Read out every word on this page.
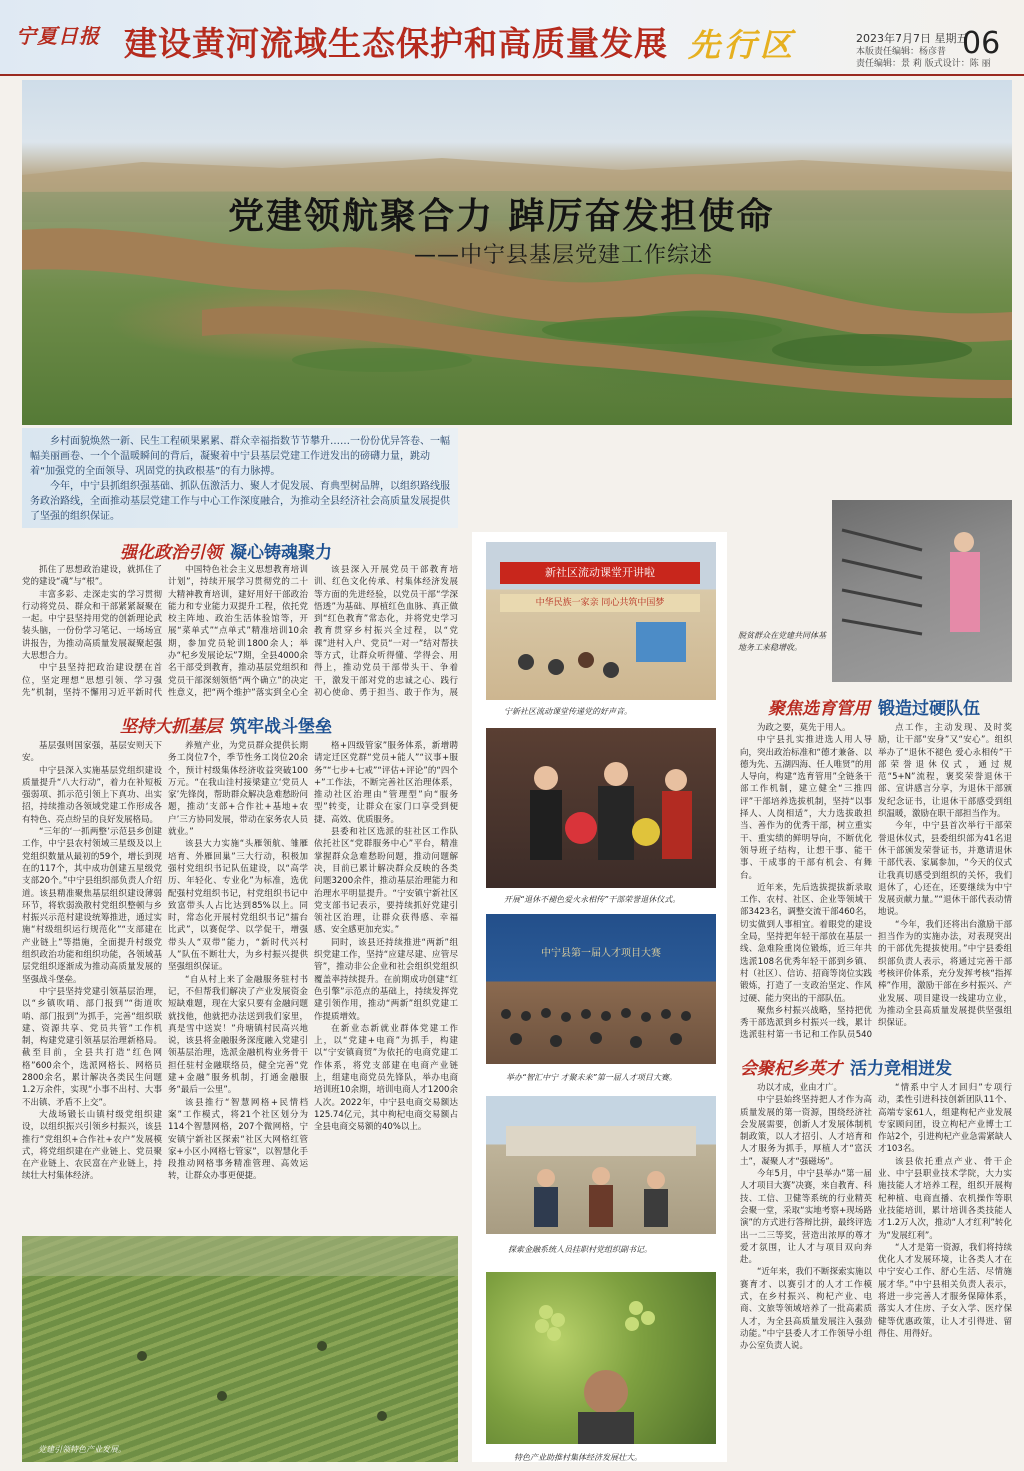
宁夏日报 建设黄河流域生态保护和高质量发展 先行区	2023年7月7日 星期五
06
本版责任编辑：杨彦普
责任编辑：景 莉 版式设计：陈 丽
党建领航聚合力 踔厉奋发担使命
——中宁县基层党建工作综述

乡村面貌焕然一新、民生工程硕果累累、群众幸福指数节节攀升……一份份优异答卷、一幅幅美丽画卷、一个个温暖瞬间的背后，凝聚着中宁县基层党建工作迸发出的磅礴力量，跳动着“加强党的全面领导、巩固党的执政根基”的有力脉搏。

今年，中宁县抓组织强基础、抓队伍激活力、聚人才促发展、育典型树品牌，以组织路线服务政治路线，全面推动基层党建工作与中心工作深度融合，为推动全县经济社会高质量发展提供了坚强的组织保证。

强化政治引领 凝心铸魂聚力

抓住了思想政治建设，就抓住了党的建设“魂”与“根”。

丰富多彩、走深走实的学习贯彻行动将党员、群众和干部紧紧凝聚在一起。中宁县坚持用党的创新理论武装头脑，一份份学习笔记、一场场宣讲报告，为推动高质量发展凝聚起强大思想合力。

中宁县坚持把政治建设摆在首位，坚定理想“思想引领、学习强先”机制，坚持不懈用习近平新时代

中国特色社会主义思想教育培训计划”，持续开展学习贯彻党的二十大精神教育培训，建好用好干部政治能力和专业能力双提升工程，依托党校主阵地、政治生活体验馆等，开展“菜单式”“点单式”精准培训10余期，参加党员轮训1800余人；举办“杞乡发展论坛”7期，全县4000余名干部受到教育，推动基层党组织和党员干部深刻领悟“两个确立”的决定性意义，把“两个维护”落实到全心全

该县深入开展党员干部教育培训、红色文化传承、村集体经济发展等方面的先进经验，以党员干部“学深悟透”为基础、厚植红色血脉、真正做到“红色教育”常态化，并将党史学习教育贯穿乡村振兴全过程，以“党课”进村入户、党员“一对一”结对帮扶等方式，让群众听得懂、学得会、用得上，推动党员干部带头干、争着干，激发干部对党的忠诚之心、践行初心使命、勇于担当、敢于作为，展

坚持大抓基层 筑牢战斗堡垒

基层强则国家强，基层安则天下安。

中宁县深入实施基层党组织建设质量提升“八大行动”，着力在补短板强弱项、抓示范引领上下真功、出实招，持续推动各领域党建工作形成各有特色、亮点纷呈的良好发展格局。

“三年的‘一抓两整’示范县乡创建工作，中宁县农村领域三星级及以上党组织数量从最初的59个，增长到现在的117个，其中成功创建五星级党支部20个。”中宁县组织部负责人介绍道。该县精准聚焦基层组织建设薄弱环节，将软弱涣散村党组织整顿与乡村振兴示范村建设统筹推进，通过实施“村级组织运行规范化”“支部建在产业链上”等措施，全面提升村级党组织政治功能和组织功能，各领域基层党组织逐渐成为推动高质量发展的坚强战斗堡垒。

中宁县坚持党建引领基层治理，以“乡镇吹哨、部门报到”“街道吹哨、部门报到”为抓手，完善“组织联建、资源共享、党员共管”工作机制，构建党建引领基层治理新格局。截至目前，全县共打造“红色网格”600余个，选派网格长、网格员2800余名，累计解决各类民生问题1.2万余件，实现“小事不出村、大事不出镇、矛盾不上交”。

大战场锻长山镇村级党组织建设，以组织振兴引领乡村振兴，该县推行“党组织+合作社+农户”发展模式，将党组织建在产业链上、党员聚在产业链上、农民富在产业链上，持续壮大村集体经济。

养殖产业，为党员群众提供长期务工岗位7个，季节性务工岗位20余个，预计村级集体经济收益突破100万元。“在我山洼村接梁建立‘党员人家’先锋岗，帮助群众解决急难愁盼问题，推动‘支部+合作社+基地+农户’三方协同发展，带动在家务农人员就业。”

该县大力实施“头雁领航、雏雁培育、外雁回巢”三大行动，积极加强村党组织书记队伍建设，以“高学历、年轻化、专业化”为标准，选优配强村党组织书记，村党组织书记中致富带头人占比达到85%以上。同时，常态化开展村党组织书记“擂台比武”，以赛促学、以学促干，增强带头人“双带”能力，“新时代兴村人”队伍不断壮大，为乡村振兴提供坚强组织保证。

“自从村上来了金融服务驻村书记，不但帮我们解决了产业发展资金短缺难题，现在大家只要有金融问题就找他，他就把办法送到我们家里，真是雪中送炭！”舟塘镇村民高兴地说，该县将金融服务深度融入党建引领基层治理，选派金融机构业务骨干担任驻村金融联络员，健全完善“党建+金融”服务机制，打通金融服务“最后一公里”。

该县推行“智慧网格+民情档案”工作模式，将21个社区划分为114个智慧网格，207个微网格，宁安镇宁新社区探索“社区大网格红管家+小区小网格七管家”，以智慧化手段推动网格事务精准管理、高效运转，让群众办事更便捷。

格+四级管家”服务体系，新增聘请定迁区党群“党员+能人”“议事+服务”“七步+七戒”“评估+评论”的“四个+”工作法，不断完善社区治理体系，推动社区治理由“管理型”向“服务型”转变，让群众在家门口享受到便捷、高效、优质服务。

县委和社区选派的驻社区工作队依托社区“党群服务中心”平台，精准掌握群众急难愁盼问题，推动问题解决，目前已累计解决群众反映的各类问题3200余件，推动基层治理能力和治理水平明显提升。“宁安镇宁新社区党支部书记表示，要持续抓好党建引领社区治理，让群众获得感、幸福感、安全感更加充实。”

同时，该县还持续推进“两新”组织党建工作，坚持“应建尽建、应管尽管”，推动非公企业和社会组织党组织覆盖率持续提升。在前期成功创建“红色引擎”示范点的基础上，持续发挥党建引领作用，推动“两新”组织党建工作提质增效。

在新业态新就业群体党建工作上，以“党建+电商”为抓手，构建以“宁安镇商贸”为依托的电商党建工作体系，将党支部建在电商产业链上，组建电商党员先锋队，举办电商培训班10余期，培训电商人才1200余人次。2022年，中宁县电商交易额达125.74亿元，其中枸杞电商交易额占全县电商交易额的40%以上。

党建引领特色产业发展。
新社区流动课堂开讲啦
中华民族一家亲 同心共筑中国梦
宁新社区流动课堂传递党的好声音。
开展“退休不褪色爱火永相传”干部荣誉退休仪式。
中宁县第一届人才项目大赛
举办“智汇中宁 才聚未来”第一届人才项目大赛。
探索金融系统人员挂职村党组织副书记。
特色产业助推村集体经济发展壮大。
脱贫群众在党建共同体基地务工来稳增收。
聚焦选育管用 锻造过硬队伍

为政之要，莫先于用人。

中宁县扎实推进选人用人导向，突出政治标准和“德才兼备、以德为先、五湖四海、任人唯贤”的用人导向，构建“选育管用”全链条干部工作机制，建立健全“三推四评”干部培养选拔机制，坚持“以事择人、人岗相适”，大力选拔敢担当、善作为的优秀干部，树立重实干、重实绩的鲜明导向，不断优化领导班子结构，让想干事、能干事、干成事的干部有机会、有舞台。

近年来，先后选拔提拔新录取工作、农村、社区、企业等领域干部3423名，调整交流干部460名，切实做到人事相宜。着眼党的建设全局，坚持把年轻干部放在基层一线、急难险重岗位锻炼，近三年共选派108名优秀年轻干部到乡镇、村（社区）、信访、招商等岗位实践锻炼，打造了一支政治坚定、作风过硬、能力突出的干部队伍。

聚焦乡村振兴战略，坚持把优秀干部选派到乡村振兴一线，累计选派驻村第一书记和工作队员540

点工作，主动发现、及时奖励，让干部“安身”又“安心”。组织举办了“退休不褪色 爱心永相传”干部荣誉退休仪式，通过规范“5+N”流程，褒奖荣誉退休干部、宣讲感言分享，为退休干部颁发纪念证书，让退休干部感受到组织温暖，激励在职干部担当作为。

今年，中宁县首次举行干部荣誉退休仪式，县委组织部为41名退休干部颁发荣誉证书，并邀请退休干部代表、家属参加，“今天的仪式让我真切感受到组织的关怀，我们退休了，心还在，还要继续为中宁发展贡献力量。”“退休干部代表动情地说。

“今年，我们还将出台激励干部担当作为的实施办法，对表现突出的干部优先提拔使用。”中宁县委组织部负责人表示，将通过完善干部考核评价体系，充分发挥考核“指挥棒”作用，激励干部在乡村振兴、产业发展、项目建设一线建功立业，为推动全县高质量发展提供坚强组织保证。

会聚杞乡英才 活力竞相迸发

功以才成，业由才广。

中宁县始终坚持把人才作为高质量发展的第一资源，围绕经济社会发展需要，创新人才发展体制机制政策，以人才招引、人才培育和人才服务为抓手，厚植人才“富沃土”，凝聚人才“强磁场”。

今年5月，中宁县举办“第一届人才项目大赛”决赛，来自教育、科技、工信、卫健等系统的行业精英会聚一堂，采取“实地考察+现场路演”的方式进行答辩比拼，最终评选出一二三等奖，营造出浓厚的尊才爱才氛围，让人才与项目双向奔赴。

“近年来，我们不断探索实施以赛育才、以赛引才的人才工作模式，在乡村振兴、枸杞产业、电商、文旅等领域培养了一批高素质人才，为全县高质量发展注入强劲动能。”中宁县委人才工作领导小组办公室负责人说。

“情系中宁人才回归”专项行动，柔性引进科技创新团队11个、高端专家61人，组建枸杞产业发展专家顾问团，设立枸杞产业博士工作站2个，引进枸杞产业急需紧缺人才103名。

该县依托重点产业、骨干企业、中宁县职业技术学院，大力实施技能人才培养工程，组织开展枸杞种植、电商直播、农机操作等职业技能培训，累计培训各类技能人才1.2万人次，推动“人才红利”转化为“发展红利”。

“人才是第一资源，我们将持续优化人才发展环境，让各类人才在中宁安心工作、舒心生活、尽情施展才华。”中宁县相关负责人表示，将进一步完善人才服务保障体系，落实人才住房、子女入学、医疗保健等优惠政策，让人才引得进、留得住、用得好。
